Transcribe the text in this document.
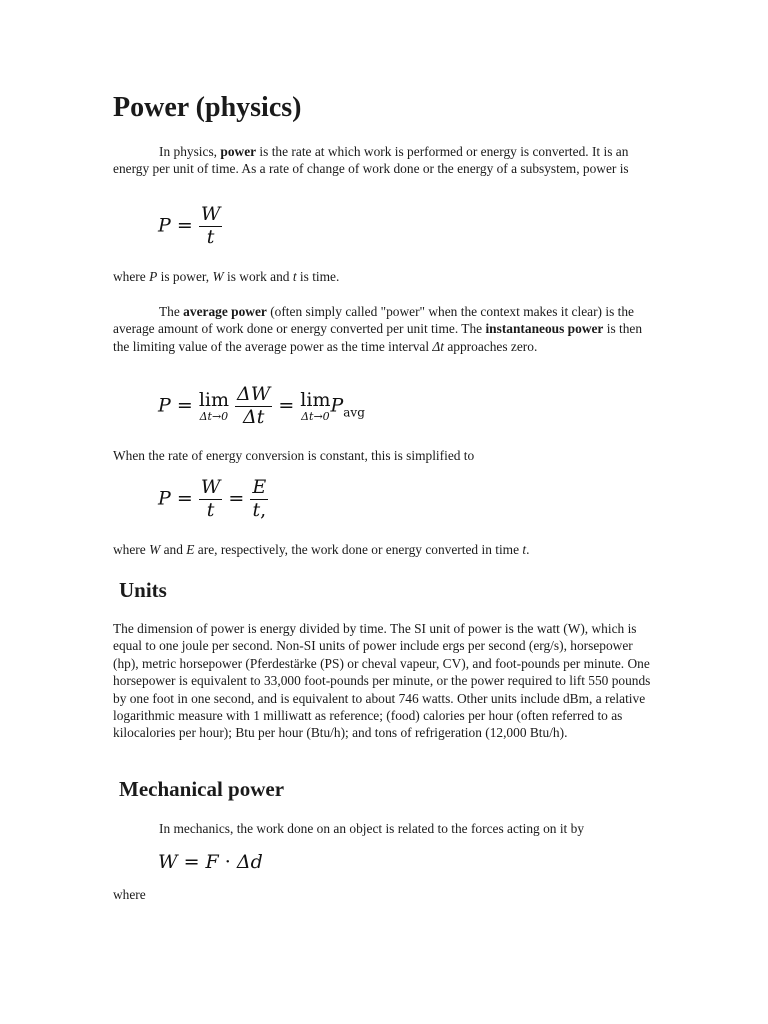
Power (physics)

In physics, power is the rate at which work is performed or energy is converted. It is an energy per unit of time. As a rate of change of work done or the energy of a subsystem, power is

$P = \frac{W}{t}$

where P is power, W is work and t is time.

The average power (often simply called "power" when the context makes it clear) is the average amount of work done or energy converted per unit time. The instantaneous power is then the limiting value of the average power as the time interval Δt approaches zero.

P = lim
Δt→0
$\frac{\Delta W}{\Delta t} = \lim$
Δt→0 $P_{avg}$

When the rate of energy conversion is constant, this is simplified to

$P = \frac{W}{t} = \frac{E}{t,}$

where W and E are, respectively, the work done or energy converted in time t.

Units

The dimension of power is energy divided by time. The SI unit of power is the watt (W), which is equal to one joule per second. Non-SI units of power include ergs per second (erg/s), horsepower (hp), metric horsepower (Pferdestärke (PS) or cheval vapeur, CV), and foot-pounds per minute. One horsepower is equivalent to 33,000 foot-pounds per minute, or the power required to lift 550 pounds by one foot in one second, and is equivalent to about 746 watts. Other units include dBm, a relative logarithmic measure with 1 milliwatt as reference; (food) calories per hour (often referred to as kilocalories per hour); Btu per hour (Btu/h); and tons of refrigeration (12,000 Btu/h).

Mechanical power

In mechanics, the work done on an object is related to the forces acting on it by

W = F · Δd

where
